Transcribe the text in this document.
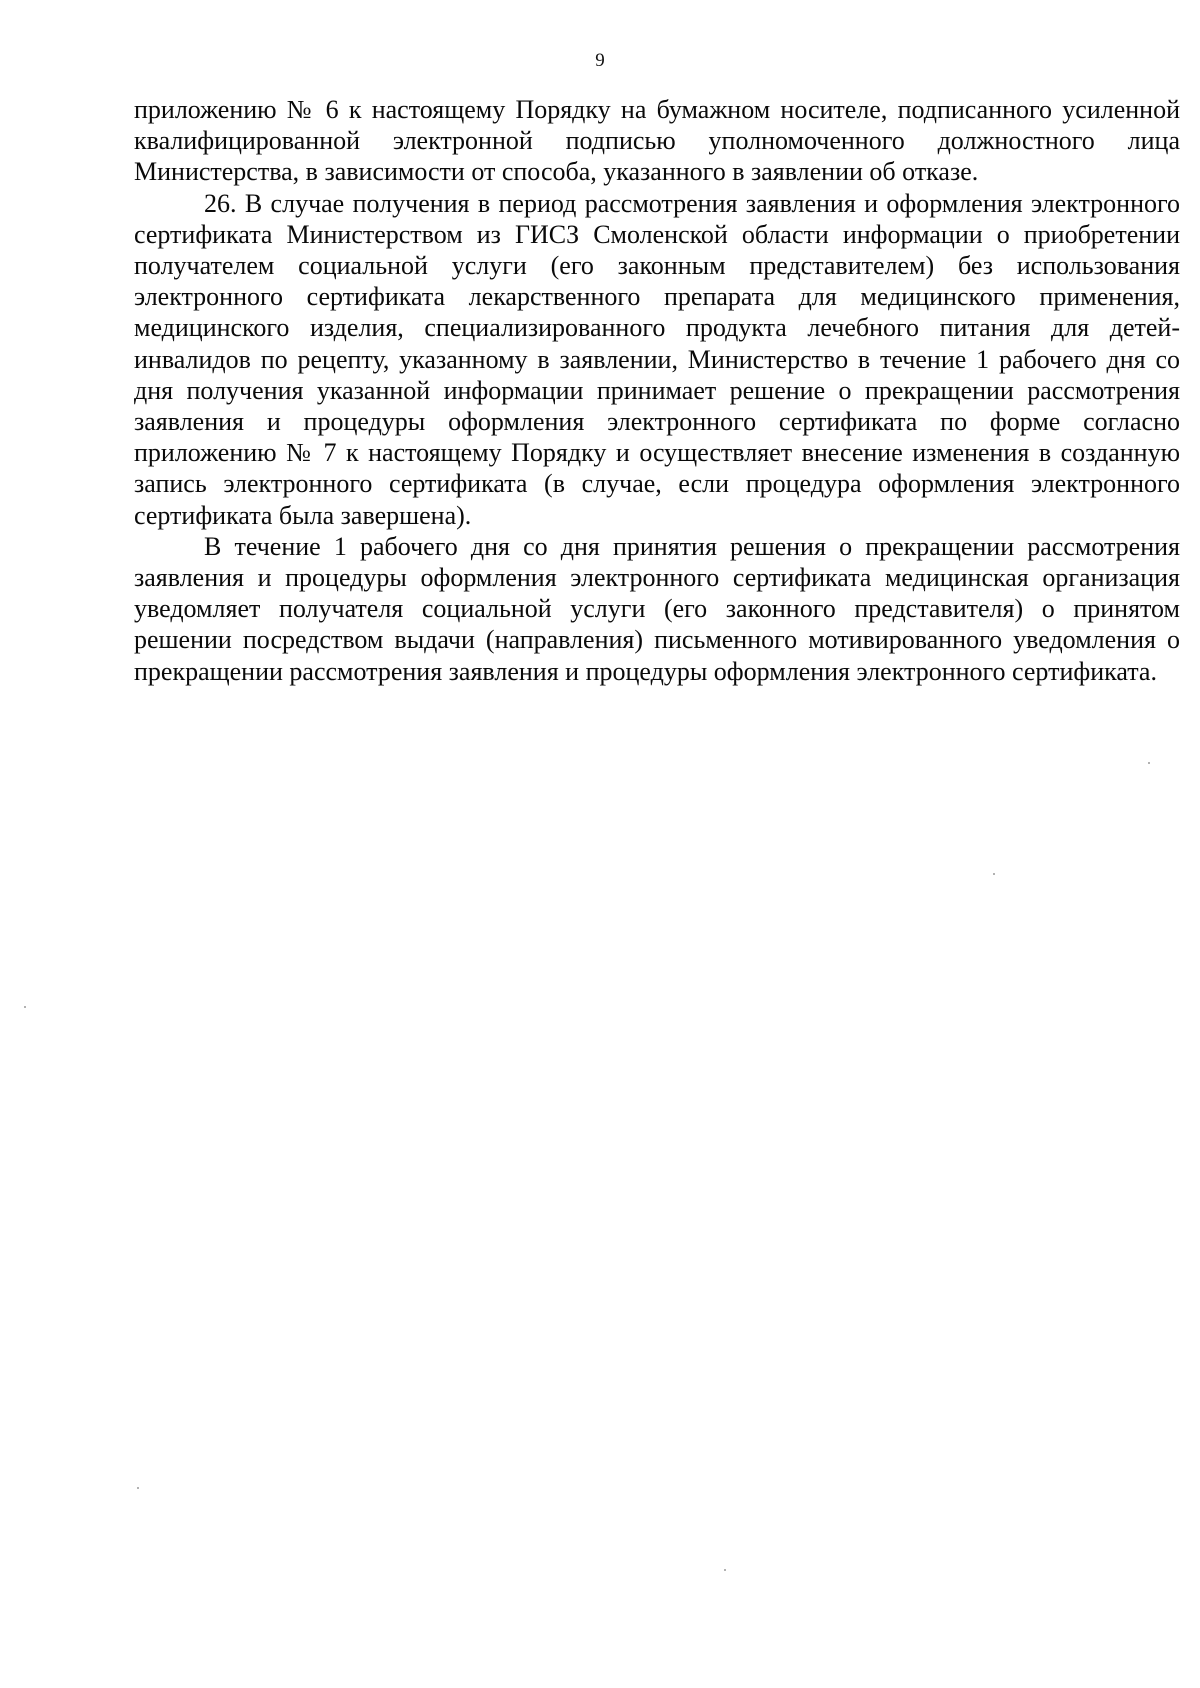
9

приложению № 6 к настоящему Порядку на бумажном носителе, подписанного усиленной квалифицированной электронной подписью уполномоченного должностного лица Министерства, в зависимости от способа, указанного в заявлении об отказе.

26. В случае получения в период рассмотрения заявления и оформления электронного сертификата Министерством из ГИСЗ Смоленской области информации о приобретении получателем социальной услуги (его законным представителем) без использования электронного сертификата лекарственного препарата для медицинского применения, медицинского изделия, специализированного продукта лечебного питания для детей-инвалидов по рецепту, указанному в заявлении, Министерство в течение 1 рабочего дня со дня получения указанной информации принимает решение о прекращении рассмотрения заявления и процедуры оформления электронного сертификата по форме согласно приложению № 7 к настоящему Порядку и осуществляет внесение изменения в созданную запись электронного сертификата (в случае, если процедура оформления электронного сертификата была завершена).

В течение 1 рабочего дня со дня принятия решения о прекращении рассмотрения заявления и процедуры оформления электронного сертификата медицинская организация уведомляет получателя социальной услуги (его законного представителя) о принятом решении посредством выдачи (направления) письменного мотивированного уведомления о прекращении рассмотрения заявления и процедуры оформления электронного сертификата.
